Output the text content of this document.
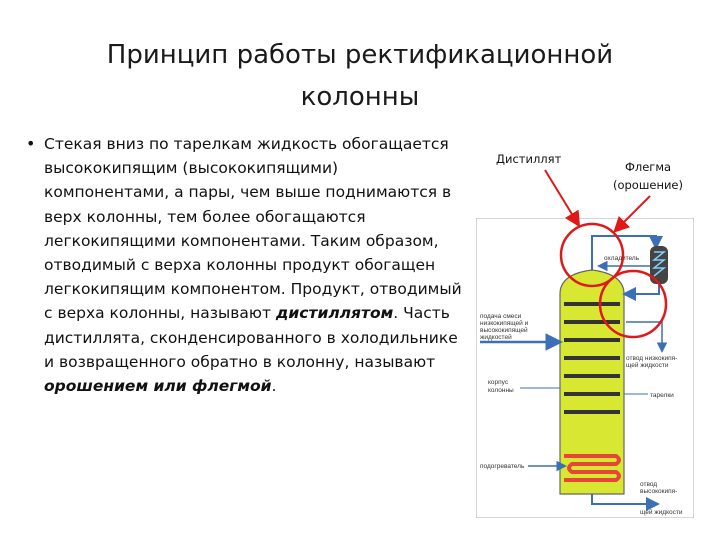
Принцип работы ректификационной
колонны
• Стекая вниз по тарелкам жидкость обогащается высококипящим (высококипящими) компонентами, а пары, чем выше поднимаются в верх колонны, тем более обогащаются легкокипящими компонентами. Таким образом, отводимый с верха колонны продукт обогащен легкокипящим компонентом. Продукт, отводимый с верха колонны, называют дистиллятом. Часть дистиллята, сконденсированного в холодильнике и возвращенного обратно в колонну, называют орошением или флегмой.

Дистиллят
Флегма
(орошение)
охладитель
подача смеси
низкокипящей и
высококипящей
жидкостей
корпус
колонны
тарелки
отвод низкокипя-
щей жидкости
подогреватель
отвод
высококипя-
щей жидкости
